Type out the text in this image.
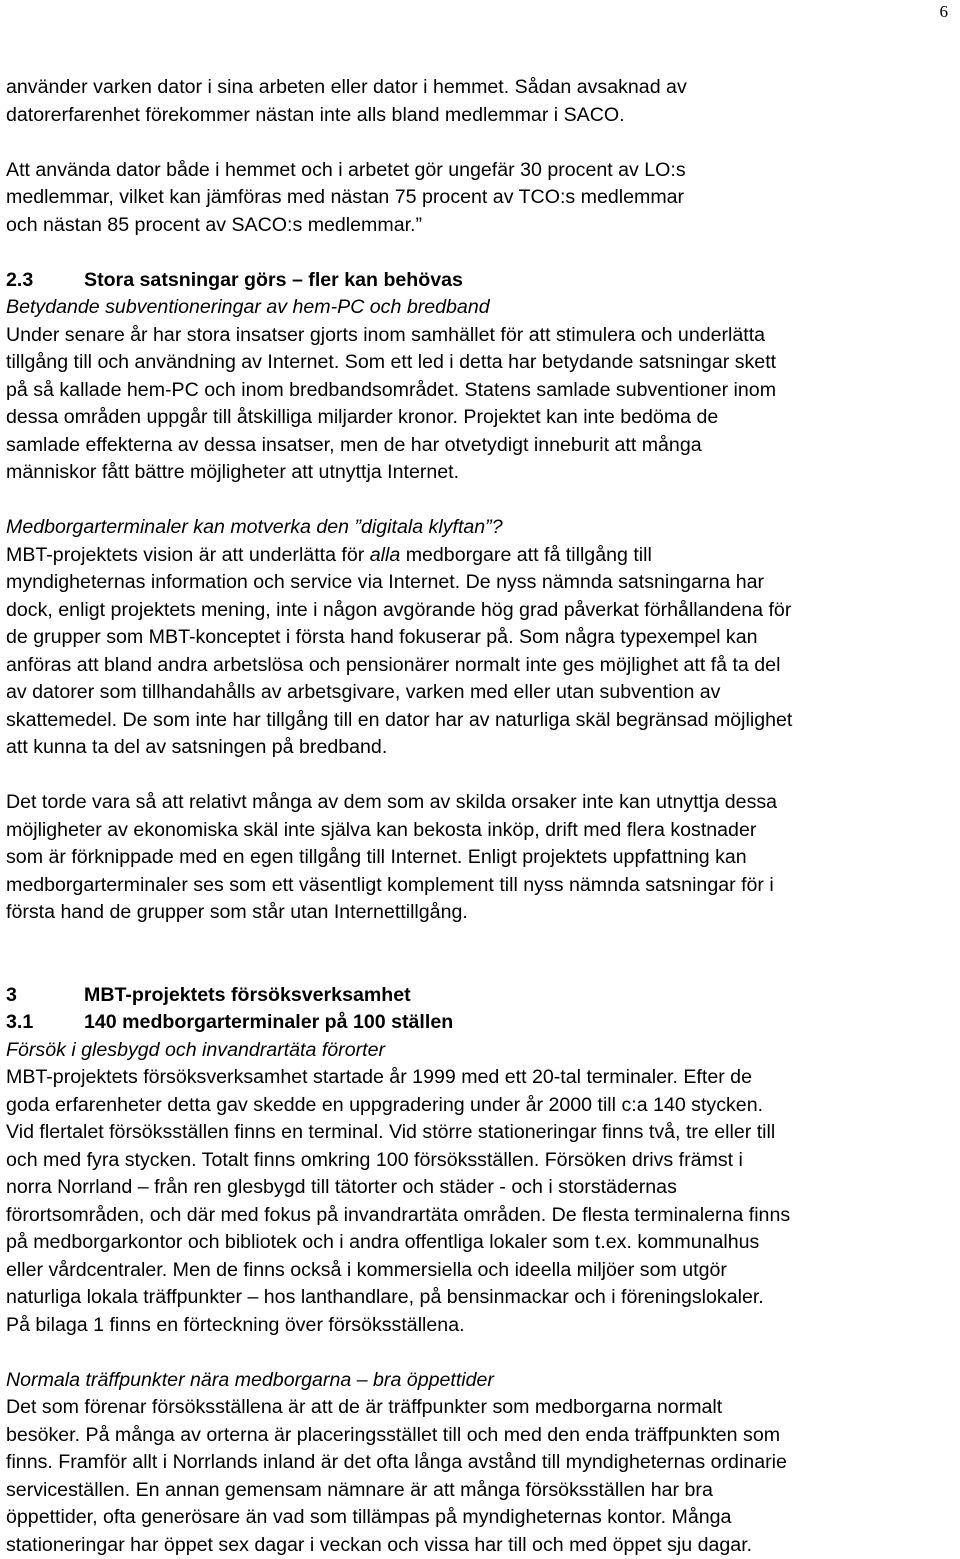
6
använder varken dator i sina arbeten eller dator i hemmet. Sådan avsaknad av
datorerfarenhet förekommer nästan inte alls bland medlemmar i SACO.
Att använda dator både i hemmet och i arbetet gör ungefär 30 procent av LO:s
medlemmar, vilket kan jämföras med nästan 75 procent av TCO:s medlemmar
och nästan 85 procent av SACO:s medlemmar.”
2.3	Stora satsningar görs – fler kan behövas
Betydande subventioneringar av hem-PC och bredband
Under senare år har stora insatser gjorts inom samhället för att stimulera och underlätta
tillgång till och användning av Internet. Som ett led i detta har betydande satsningar skett
på så kallade hem-PC och inom bredbandsområdet. Statens samlade subventioner inom
dessa områden uppgår till åtskilliga miljarder kronor. Projektet kan inte bedöma de
samlade effekterna av dessa insatser, men de har otvetydigt inneburit att många
människor fått bättre möjligheter att utnyttja Internet.
Medborgarterminaler kan motverka den ”digitala klyftan”?
MBT-projektets vision är att underlätta för alla medborgare att få tillgång till
myndigheternas information och service via Internet. De nyss nämnda satsningarna har
dock, enligt projektets mening, inte i någon avgörande hög grad påverkat förhållandena för
de grupper som MBT-konceptet i första hand fokuserar på. Som några typexempel kan
anföras att bland andra arbetslösa och pensionärer normalt inte ges möjlighet att få ta del
av datorer som tillhandahålls av arbetsgivare, varken med eller utan subvention av
skattemedel. De som inte har tillgång till en dator har av naturliga skäl begränsad möjlighet
att kunna ta del av satsningen på bredband.
Det torde vara så att relativt många av dem som av skilda orsaker inte kan utnyttja dessa
möjligheter av ekonomiska skäl inte själva kan bekosta inköp, drift med flera kostnader
som är förknippade med en egen tillgång till Internet. Enligt projektets uppfattning kan
medborgarterminaler ses som ett väsentligt komplement till nyss nämnda satsningar för i
första hand de grupper som står utan Internettillgång.
3	MBT-projektets försöksverksamhet
3.1	140 medborgarterminaler på 100 ställen
Försök i glesbygd och invandrartäta förorter
MBT-projektets försöksverksamhet startade år 1999 med ett 20-tal terminaler. Efter de
goda erfarenheter detta gav skedde en uppgradering under år 2000 till c:a 140 stycken.
Vid flertalet försöksställen finns en terminal. Vid större stationeringar finns två, tre eller till
och med fyra stycken. Totalt finns omkring 100 försöksställen. Försöken drivs främst i
norra Norrland – från ren glesbygd till tätorter och städer - och i storstädernas
förortsområden, och där med fokus på invandrartäta områden. De flesta terminalerna finns
på medborgarkontor och bibliotek och i andra offentliga lokaler som t.ex. kommunalhus
eller vårdcentraler. Men de finns också i kommersiella och ideella miljöer som utgör
naturliga lokala träffpunkter – hos lanthandlare, på bensinmackar och i föreningslokaler.
På bilaga 1 finns en förteckning över försöksställena.
Normala träffpunkter nära medborgarna – bra öppettider
Det som förenar försöksställena är att de är träffpunkter som medborgarna normalt
besöker. På många av orterna är placeringsstället till och med den enda träffpunkten som
finns. Framför allt i Norrlands inland är det ofta långa avstånd till myndigheternas ordinarie
serviceställen. En annan gemensam nämnare är att många försöksställen har bra
öppettider, ofta generösare än vad som tillämpas på myndigheternas kontor. Många
stationeringar har öppet sex dagar i veckan och vissa har till och med öppet sju dagar.
